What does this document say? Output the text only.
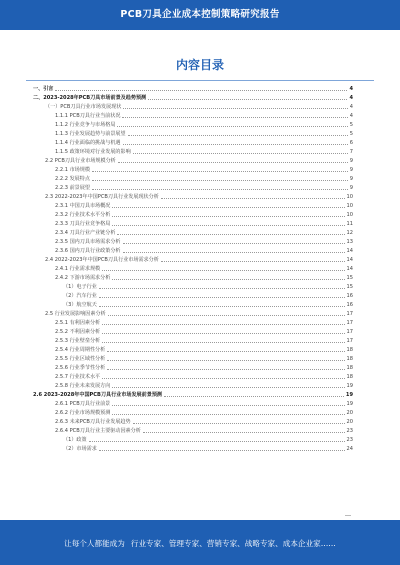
PCB刀具企业成本控制策略研究报告
内容目录
一、引言	4
二、2023-2028年PCB刀具市场前景及趋势预测	4
（一）PCB刀具行业市场发展现状	4
1.1.1 PCB刀具行业当前状况	4
1.1.2 行业竞争与市场格局	5
1.1.3 行业发展趋势与前景展望	5
1.1.4 行业面临的挑战与机遇	6
1.1.5 政策环境对行业发展的影响	7
2.2 PCB刀具行业市场规模分析	9
2.2.1 市场规模	9
2.2.2 发展特点	9
2.2.3 前景展望	9
2.3 2022-2023年中国PCB刀具行业发展现状分析	10
2.3.1 中国刀具市场概况	10
2.3.2 行业技术水平分析	10
2.3.3 刀具行业竞争格局	11
2.3.4 刀具行业产业链分析	12
2.3.5 国内刀具市场需求分析	13
2.3.6 国内刀具行业政策分析	14
2.4 2022-2023年中国PCB刀具行业市场需求分析	14
2.4.1 行业需求规模	14
2.4.2 下游市场需求分析	15
（1）电子行业	15
（2）汽车行业	16
（3）航空航天	16
2.5 行业发展影响因素分析	17
2.5.1 有利因素分析	17
2.5.2 不利因素分析	17
2.5.3 行业壁垒分析	17
2.5.4 行业周期性分析	18
2.5.5 行业区域性分析	18
2.5.6 行业季节性分析	18
2.5.7 行业技术水平	18
2.5.8 行业未来发展方向	19
2.6 2023-2028年中国PCB刀具行业市场发展前景预测	19
2.6.1 PCB刀具行业前景	19
2.6.2 行业市场规模预测	20
2.6.3 未来PCB刀具行业发展趋势	20
2.6.4 PCB刀具行业主要驱动因素分析	23
（1）政策	23
（2）市场需求	24
让每个人都能成为 行业专家、管理专家、营销专家、战略专家、成本企业家……
